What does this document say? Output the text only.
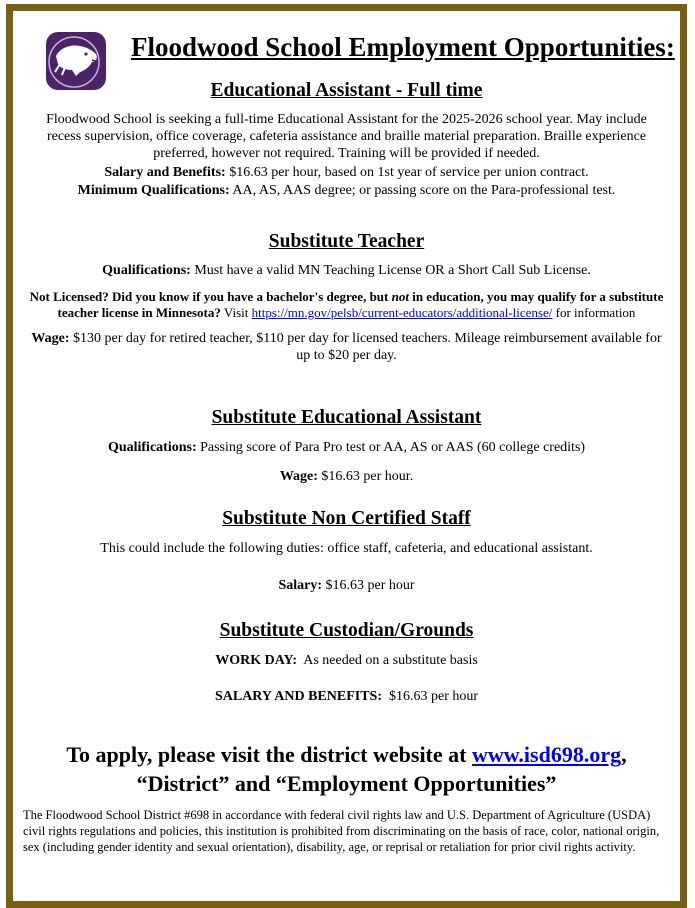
Floodwood School Employment Opportunities:
Educational Assistant - Full time
Floodwood School is seeking a full-time Educational Assistant for the 2025-2026 school year. May include recess supervision, office coverage, cafeteria assistance and braille material preparation. Braille experience preferred, however not required. Training will be provided if needed.
Salary and Benefits: $16.63 per hour, based on 1st year of service per union contract.
Minimum Qualifications: AA, AS, AAS degree; or passing score on the Para-professional test.
Substitute Teacher
Qualifications: Must have a valid MN Teaching License OR a Short Call Sub License.
Not Licensed? Did you know if you have a bachelor's degree, but not in education, you may qualify for a substitute teacher license in Minnesota? Visit https://mn.gov/pelsb/current-educators/additional-license/ for information
Wage: $130 per day for retired teacher, $110 per day for licensed teachers. Mileage reimbursement available for up to $20 per day.
Substitute Educational Assistant
Qualifications: Passing score of Para Pro test or AA, AS or AAS (60 college credits)
Wage: $16.63 per hour.
Substitute Non Certified Staff
This could include the following duties: office staff, cafeteria, and educational assistant.
Salary: $16.63 per hour
Substitute Custodian/Grounds
WORK DAY:  As needed on a substitute basis
SALARY AND BENEFITS:  $16.63 per hour
To apply, please visit the district website at www.isd698.org,
“District” and “Employment Opportunities”
The Floodwood School District #698 in accordance with federal civil rights law and U.S. Department of Agriculture (USDA) civil rights regulations and policies, this institution is prohibited from discriminating on the basis of race, color, national origin, sex (including gender identity and sexual orientation), disability, age, or reprisal or retaliation for prior civil rights activity.
